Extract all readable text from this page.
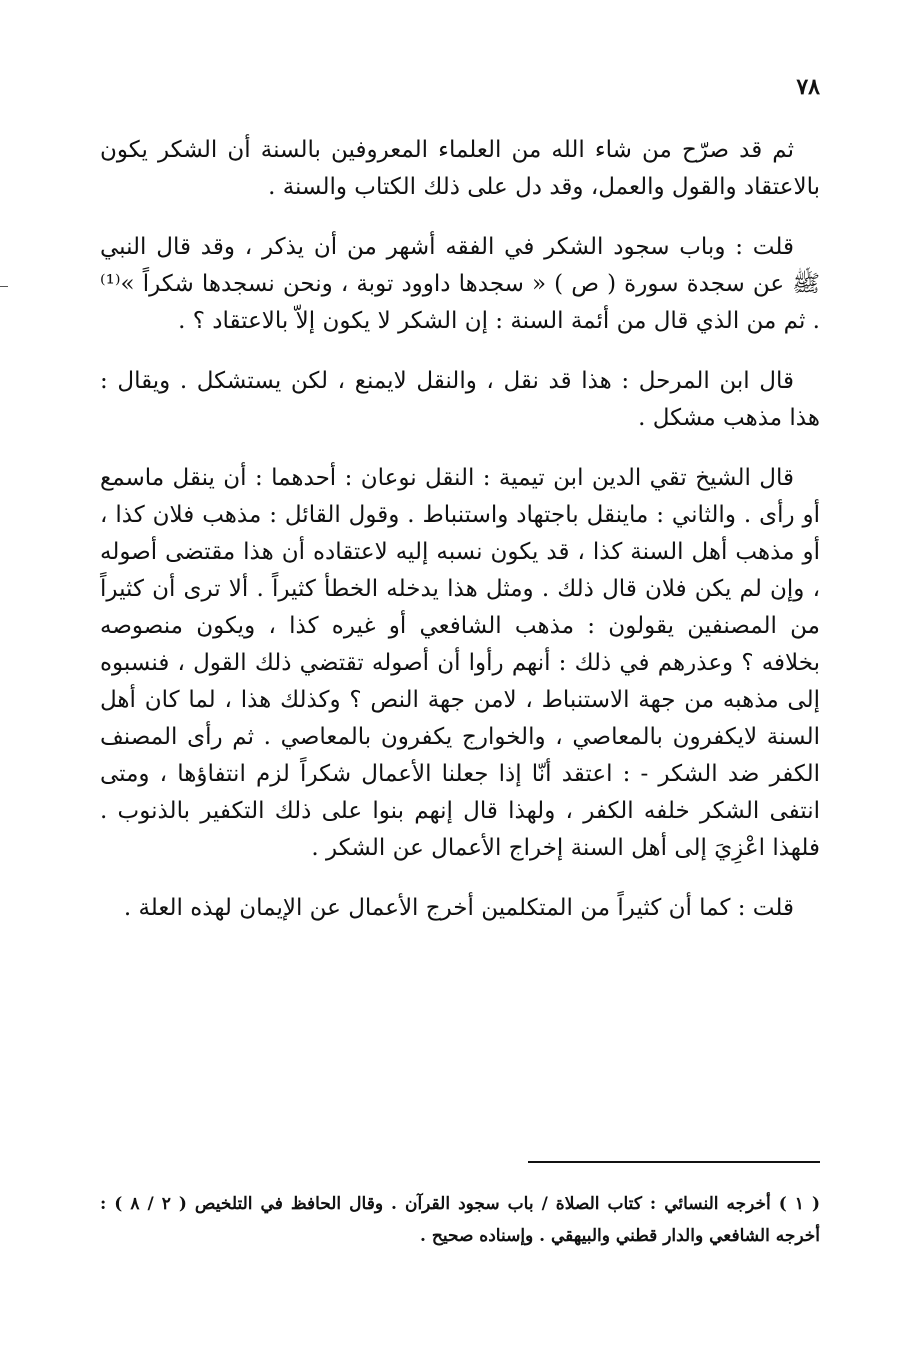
٧٨

ثم قد صرّح من شاء الله من العلماء المعروفين بالسنة أن الشكر يكون بالاعتقاد والقول والعمل، وقد دل على ذلك الكتاب والسنة .

قلت : وباب سجود الشكر في الفقه أشهر من أن يذكر ، وقد قال النبي ﷺ عن سجدة سورة ( ص ) « سجدها داوود توبة ، ونحن نسجدها شكراً »⁽¹⁾ . ثم من الذي قال من أئمة السنة : إن الشكر لا يكون إلاّ بالاعتقاد ؟ .

قال ابن المرحل : هذا قد نقل ، والنقل لايمنع ، لكن يستشكل . ويقال : هذا مذهب مشكل .

قال الشيخ تقي الدين ابن تيمية : النقل نوعان : أحدهما : أن ينقل ماسمع أو رأى . والثاني : ماينقل باجتهاد واستنباط . وقول القائل : مذهب فلان كذا ، أو مذهب أهل السنة كذا ، قد يكون نسبه إليه لاعتقاده أن هذا مقتضى أصوله ، وإن لم يكن فلان قال ذلك . ومثل هذا يدخله الخطأ كثيراً . ألا ترى أن كثيراً من المصنفين يقولون : مذهب الشافعي أو غيره كذا ، ويكون منصوصه بخلافه ؟ وعذرهم في ذلك : أنهم رأوا أن أصوله تقتضي ذلك القول ، فنسبوه إلى مذهبه من جهة الاستنباط ، لامن جهة النص ؟ وكذلك هذا ، لما كان أهل السنة لايكفرون بالمعاصي ، والخوارج يكفرون بالمعاصي . ثم رأى المصنف الكفر ضد الشكر - : اعتقد أنّا إذا جعلنا الأعمال شكراً لزم انتفاؤها ، ومتى انتفى الشكر خلفه الكفر ، ولهذا قال إنهم بنوا على ذلك التكفير بالذنوب . فلهذا اعْزِيَ إلى أهل السنة إخراج الأعمال عن الشكر .

قلت : كما أن كثيراً من المتكلمين أخرج الأعمال عن الإيمان لهذه العلة .

( ١ ) أخرجه النسائي : كتاب الصلاة / باب سجود القرآن . وقال الحافظ في التلخيص ( ٢ / ٨ ) : أخرجه الشافعي والدار قطني والبيهقي . وإسناده صحيح .
